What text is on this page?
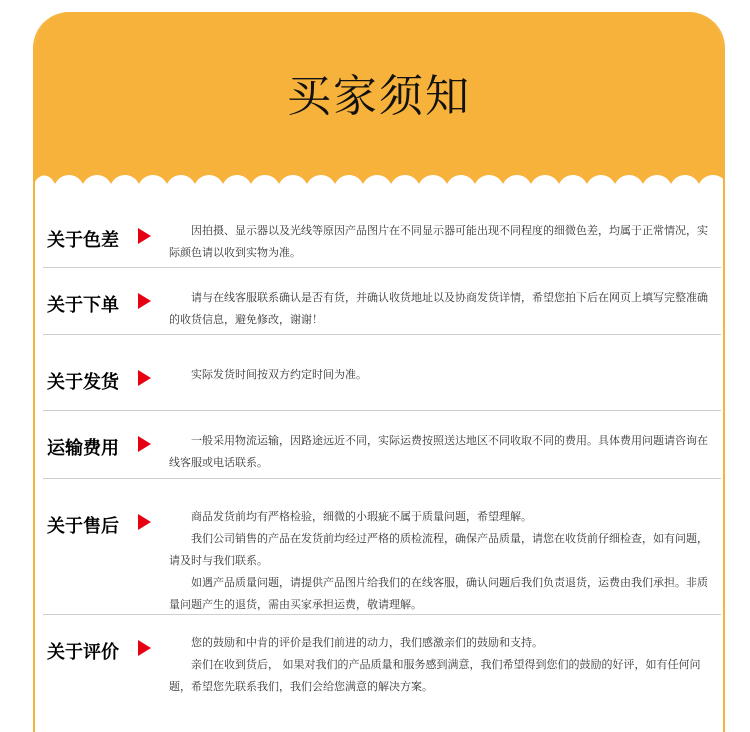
买家须知
关于色差	因拍摄、显示器以及光线等原因产品图片在不同显示器可能出现不同程度的细微色差，均属于正常情况，实际颜色请以收到实物为准。

关于下单	请与在线客服联系确认是否有货，并确认收货地址以及协商发货详情，希望您拍下后在网页上填写完整准确的收货信息，避免修改，谢谢！

关于发货	实际发货时间按双方约定时间为准。

运输费用	一般采用物流运输，因路途远近不同，实际运费按照送达地区不同收取不同的费用。具体费用问题请咨询在线客服或电话联系。

关于售后	商品发货前均有严格检验，细微的小瑕疵不属于质量问题，希望理解。

我们公司销售的产品在发货前均经过严格的质检流程，确保产品质量，请您在收货前仔细检查，如有问题，请及时与我们联系。

如遇产品质量问题，请提供产品图片给我们的在线客服，确认问题后我们负责退货，运费由我们承担。非质量问题产生的退货，需由买家承担运费，敬请理解。

关于评价	您的鼓励和中肯的评价是我们前进的动力，我们感激亲们的鼓励和支持。

亲们在收到货后， 如果对我们的产品质量和服务感到满意，我们希望得到您们的鼓励的好评，如有任何问题，希望您先联系我们，我们会给您满意的解决方案。
